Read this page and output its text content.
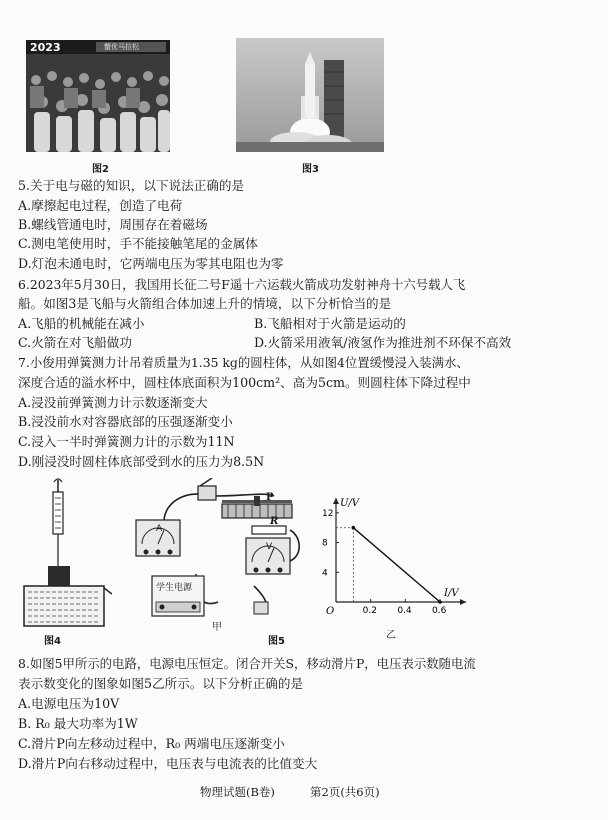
2023	蟹优马拉松
图2	图3
5.关于电与磁的知识，以下说法正确的是
A.摩擦起电过程，创造了电荷
B.螺线管通电时，周围存在着磁场
C.测电笔使用时，手不能接触笔尾的金属体
D.灯泡未通电时，它两端电压为零其电阻也为零
6.2023年5月30日，我国用长征二号F遥十六运载火箭成功发射神舟十六号载人飞
船。如图3是飞船与火箭组合体加速上升的情境，以下分析恰当的是
A.飞船的机械能在减小	B.飞船相对于火箭是运动的
C.火箭在对飞船做功	D.火箭采用液氧/液氢作为推进剂不环保不高效
7.小俊用弹簧测力计吊着质量为1.35 kg的圆柱体，从如图4位置缓慢浸入装满水、
深度合适的溢水杯中，圆柱体底面积为100cm²、高为5cm。则圆柱体下降过程中
A.浸没前弹簧测力计示数逐渐变大
B.浸没前水对容器底部的压强逐渐变小
C.浸入一半时弹簧测力计的示数为11N
D.刚浸没时圆柱体底部受到水的压力为8.5N
图4
A
V
P
R
学生电源
甲
图5
0.2 0.4 0.6
4
8
12
O
U/V
I/V
乙
8.如图5甲所示的电路，电源电压恒定。闭合开关S，移动滑片P，电压表示数随电流
表示数变化的图象如图5乙所示。以下分析正确的是
A.电源电压为10V
B. R₀ 最大功率为1W
C.滑片P向左移动过程中，R₀ 两端电压逐渐变小
D.滑片P向右移动过程中，电压表与电流表的比值变大
物理试题(B卷)	第2页(共6页)
